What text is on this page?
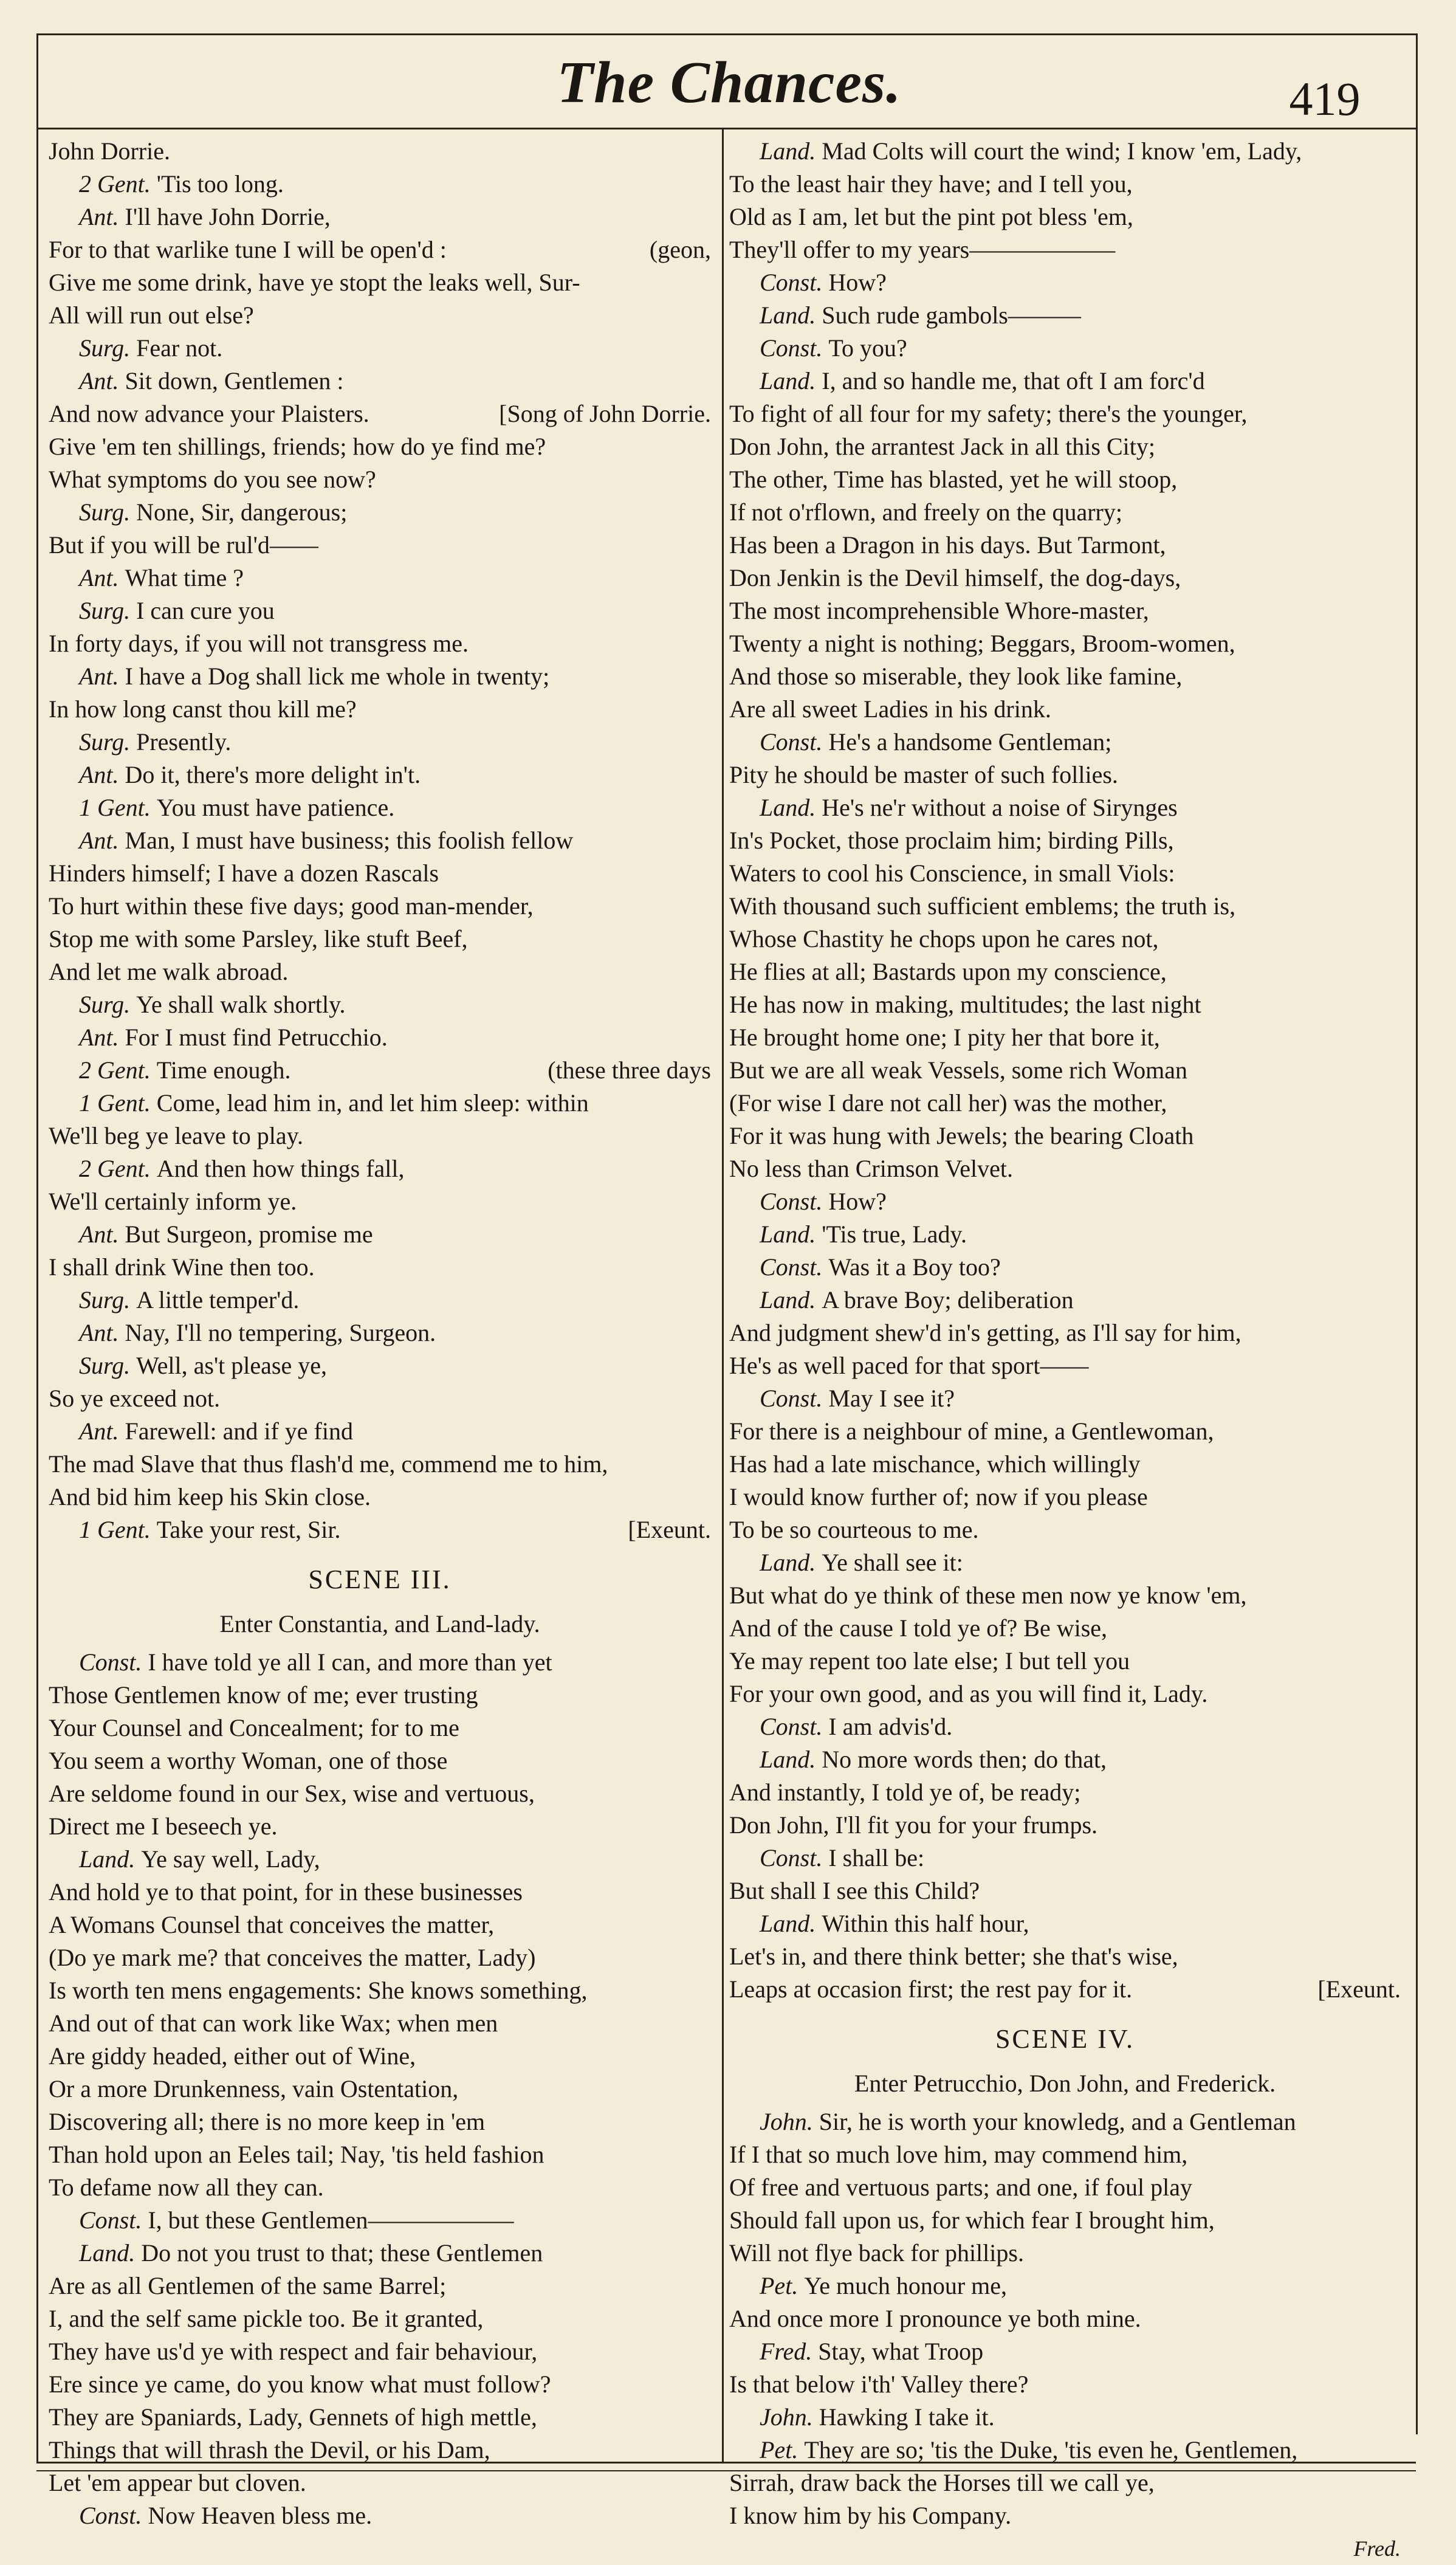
The Chances.	419
John Dorrie.
2 Gent. 'Tis too long.
Ant. I'll have John Dorrie,
For to that warlike tune I will be open'd :	(geon,
Give me some drink, have ye stopt the leaks well, Sur-
All will run out else?
Surg. Fear not.
Ant. Sit down, Gentlemen :
And now advance your Plaisters.	[Song of John Dorrie.
Give 'em ten shillings, friends; how do ye find me?
What symptoms do you see now?
Surg. None, Sir, dangerous;
But if you will be rul'd——
Ant. What time ?
Surg. I can cure you
In forty days, if you will not transgress me.
Ant. I have a Dog shall lick me whole in twenty;
In how long canst thou kill me?
Surg. Presently.
Ant. Do it, there's more delight in't.
1 Gent. You must have patience.
Ant. Man, I must have business; this foolish fellow
Hinders himself; I have a dozen Rascals
To hurt within these five days; good man-mender,
Stop me with some Parsley, like stuft Beef,
And let me walk abroad.
Surg. Ye shall walk shortly.
Ant. For I must find Petrucchio.
2 Gent. Time enough.	(these three days
1 Gent. Come, lead him in, and let him sleep: within
We'll beg ye leave to play.
2 Gent. And then how things fall,
We'll certainly inform ye.
Ant. But Surgeon, promise me
I shall drink Wine then too.
Surg. A little temper'd.
Ant. Nay, I'll no tempering, Surgeon.
Surg. Well, as't please ye,
So ye exceed not.
Ant. Farewell: and if ye find
The mad Slave that thus flash'd me, commend me to him,
And bid him keep his Skin close.
1 Gent. Take your rest, Sir.	[Exeunt.
SCENE III.
Enter Constantia, and Land-lady.
Const. I have told ye all I can, and more than yet
Those Gentlemen know of me; ever trusting
Your Counsel and Concealment; for to me
You seem a worthy Woman, one of those
Are seldome found in our Sex, wise and vertuous,
Direct me I beseech ye.
Land. Ye say well, Lady,
And hold ye to that point, for in these businesses
A Womans Counsel that conceives the matter,
(Do ye mark me? that conceives the matter, Lady)
Is worth ten mens engagements: She knows something,
And out of that can work like Wax; when men
Are giddy headed, either out of Wine,
Or a more Drunkenness, vain Ostentation,
Discovering all; there is no more keep in 'em
Than hold upon an Eeles tail; Nay, 'tis held fashion
To defame now all they can.
Const. I, but these Gentlemen——————
Land. Do not you trust to that; these Gentlemen
Are as all Gentlemen of the same Barrel;
I, and the self same pickle too. Be it granted,
They have us'd ye with respect and fair behaviour,
Ere since ye came, do you know what must follow?
They are Spaniards, Lady, Gennets of high mettle,
Things that will thrash the Devil, or his Dam,
Let 'em appear but cloven.
Const. Now Heaven bless me.
Land. Mad Colts will court the wind; I know 'em, Lady,
To the least hair they have; and I tell you,
Old as I am, let but the pint pot bless 'em,
They'll offer to my years——————
Const. How?
Land. Such rude gambols———
Const. To you?
Land. I, and so handle me, that oft I am forc'd
To fight of all four for my safety; there's the younger,
Don John, the arrantest Jack in all this City;
The other, Time has blasted, yet he will stoop,
If not o'rflown, and freely on the quarry;
Has been a Dragon in his days. But Tarmont,
Don Jenkin is the Devil himself, the dog-days,
The most incomprehensible Whore-master,
Twenty a night is nothing; Beggars, Broom-women,
And those so miserable, they look like famine,
Are all sweet Ladies in his drink.
Const. He's a handsome Gentleman;
Pity he should be master of such follies.
Land. He's ne'r without a noise of Sirynges
In's Pocket, those proclaim him; birding Pills,
Waters to cool his Conscience, in small Viols:
With thousand such sufficient emblems; the truth is,
Whose Chastity he chops upon he cares not,
He flies at all; Bastards upon my conscience,
He has now in making, multitudes; the last night
He brought home one; I pity her that bore it,
But we are all weak Vessels, some rich Woman
(For wise I dare not call her) was the mother,
For it was hung with Jewels; the bearing Cloath
No less than Crimson Velvet.
Const. How?
Land. 'Tis true, Lady.
Const. Was it a Boy too?
Land. A brave Boy; deliberation
And judgment shew'd in's getting, as I'll say for him,
He's as well paced for that sport——
Const. May I see it?
For there is a neighbour of mine, a Gentlewoman,
Has had a late mischance, which willingly
I would know further of; now if you please
To be so courteous to me.
Land. Ye shall see it:
But what do ye think of these men now ye know 'em,
And of the cause I told ye of? Be wise,
Ye may repent too late else; I but tell you
For your own good, and as you will find it, Lady.
Const. I am advis'd.
Land. No more words then; do that,
And instantly, I told ye of, be ready;
Don John, I'll fit you for your frumps.
Const. I shall be:
But shall I see this Child?
Land. Within this half hour,
Let's in, and there think better; she that's wise,
Leaps at occasion first; the rest pay for it.	[Exeunt.
SCENE IV.
Enter Petrucchio, Don John, and Frederick.
John. Sir, he is worth your knowledg, and a Gentleman
If I that so much love him, may commend him,
Of free and vertuous parts; and one, if foul play
Should fall upon us, for which fear I brought him,
Will not flye back for phillips.
Pet. Ye much honour me,
And once more I pronounce ye both mine.
Fred. Stay, what Troop
Is that below i'th' Valley there?
John. Hawking I take it.
Pet. They are so; 'tis the Duke, 'tis even he, Gentlemen,
Sirrah, draw back the Horses till we call ye,
I know him by his Company.
Fred.
